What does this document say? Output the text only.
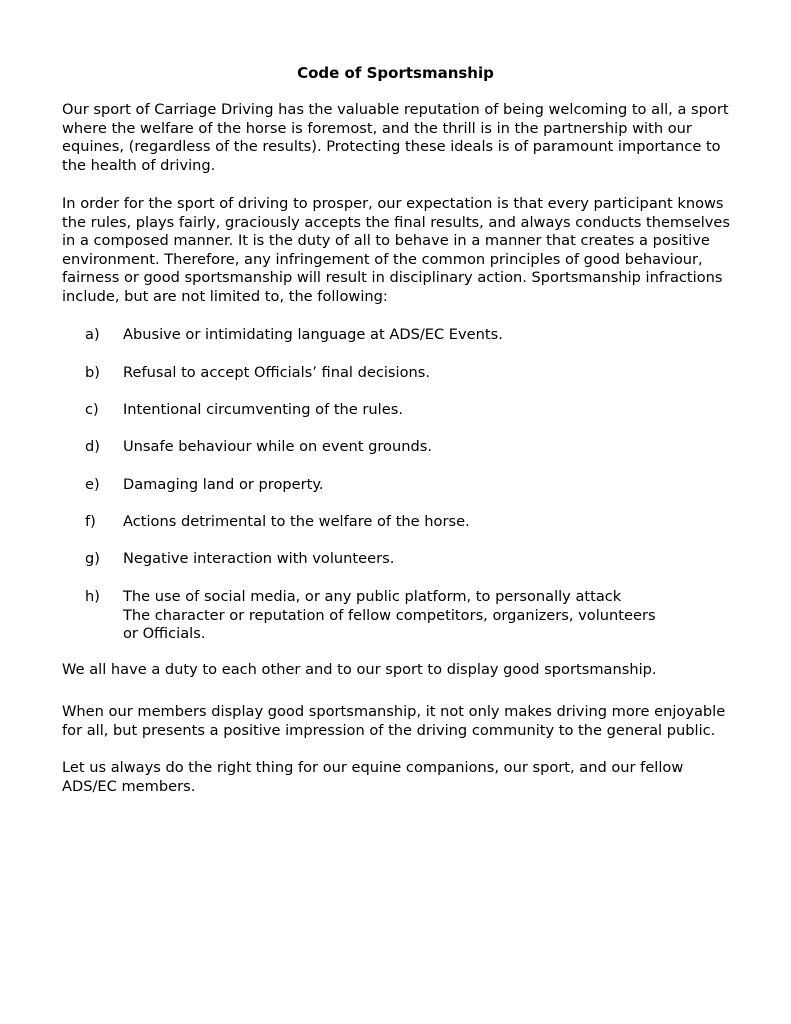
Code of Sportsmanship

Our sport of Carriage Driving has the valuable reputation of being welcoming to all, a sport where the welfare of the horse is foremost, and the thrill is in the partnership with our equines, (regardless of the results). Protecting these ideals is of paramount importance to the health of driving.

In order for the sport of driving to prosper, our expectation is that every participant knows the rules, plays fairly, graciously accepts the final results, and always conducts themselves in a composed manner. It is the duty of all to behave in a manner that creates a positive environment. Therefore, any infringement of the common principles of good behaviour, fairness or good sportsmanship will result in disciplinary action. Sportsmanship infractions include, but are not limited to, the following:

a) Abusive or intimidating language at ADS/EC Events.
b) Refusal to accept Officials’ final decisions.
c) Intentional circumventing of the rules.
d) Unsafe behaviour while on event grounds.
e) Damaging land or property.
f) Actions detrimental to the welfare of the horse.
g) Negative interaction with volunteers.
h) The use of social media, or any public platform, to personally attack
The character or reputation of fellow competitors, organizers, volunteers
or Officials.

We all have a duty to each other and to our sport to display good sportsmanship.

When our members display good sportsmanship, it not only makes driving more enjoyable for all, but presents a positive impression of the driving community to the general public.

Let us always do the right thing for our equine companions, our sport, and our fellow ADS/EC members.
